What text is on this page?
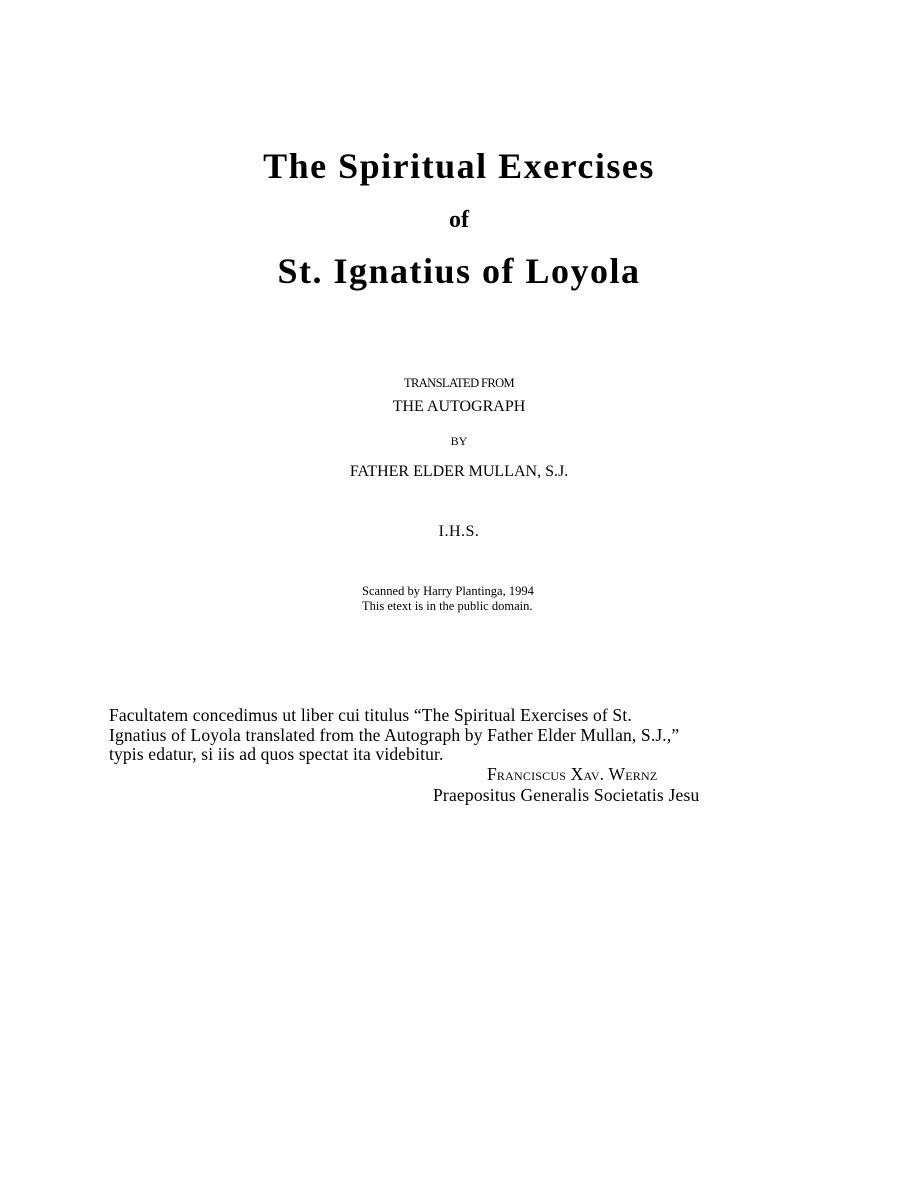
The Spiritual Exercises
of
St. Ignatius of Loyola
TRANSLATED FROM
THE AUTOGRAPH
BY
FATHER ELDER MULLAN, S.J.
I.H.S.
Scanned by Harry Plantinga, 1994
This etext is in the public domain.
Facultatem concedimus ut liber cui titulus “The Spiritual Exercises of St.
Ignatius of Loyola translated from the Autograph by Father Elder Mullan, S.J.,”
typis edatur, si iis ad quos spectat ita videbitur.
Franciscus Xav. Wernz
Praepositus Generalis Societatis Jesu
